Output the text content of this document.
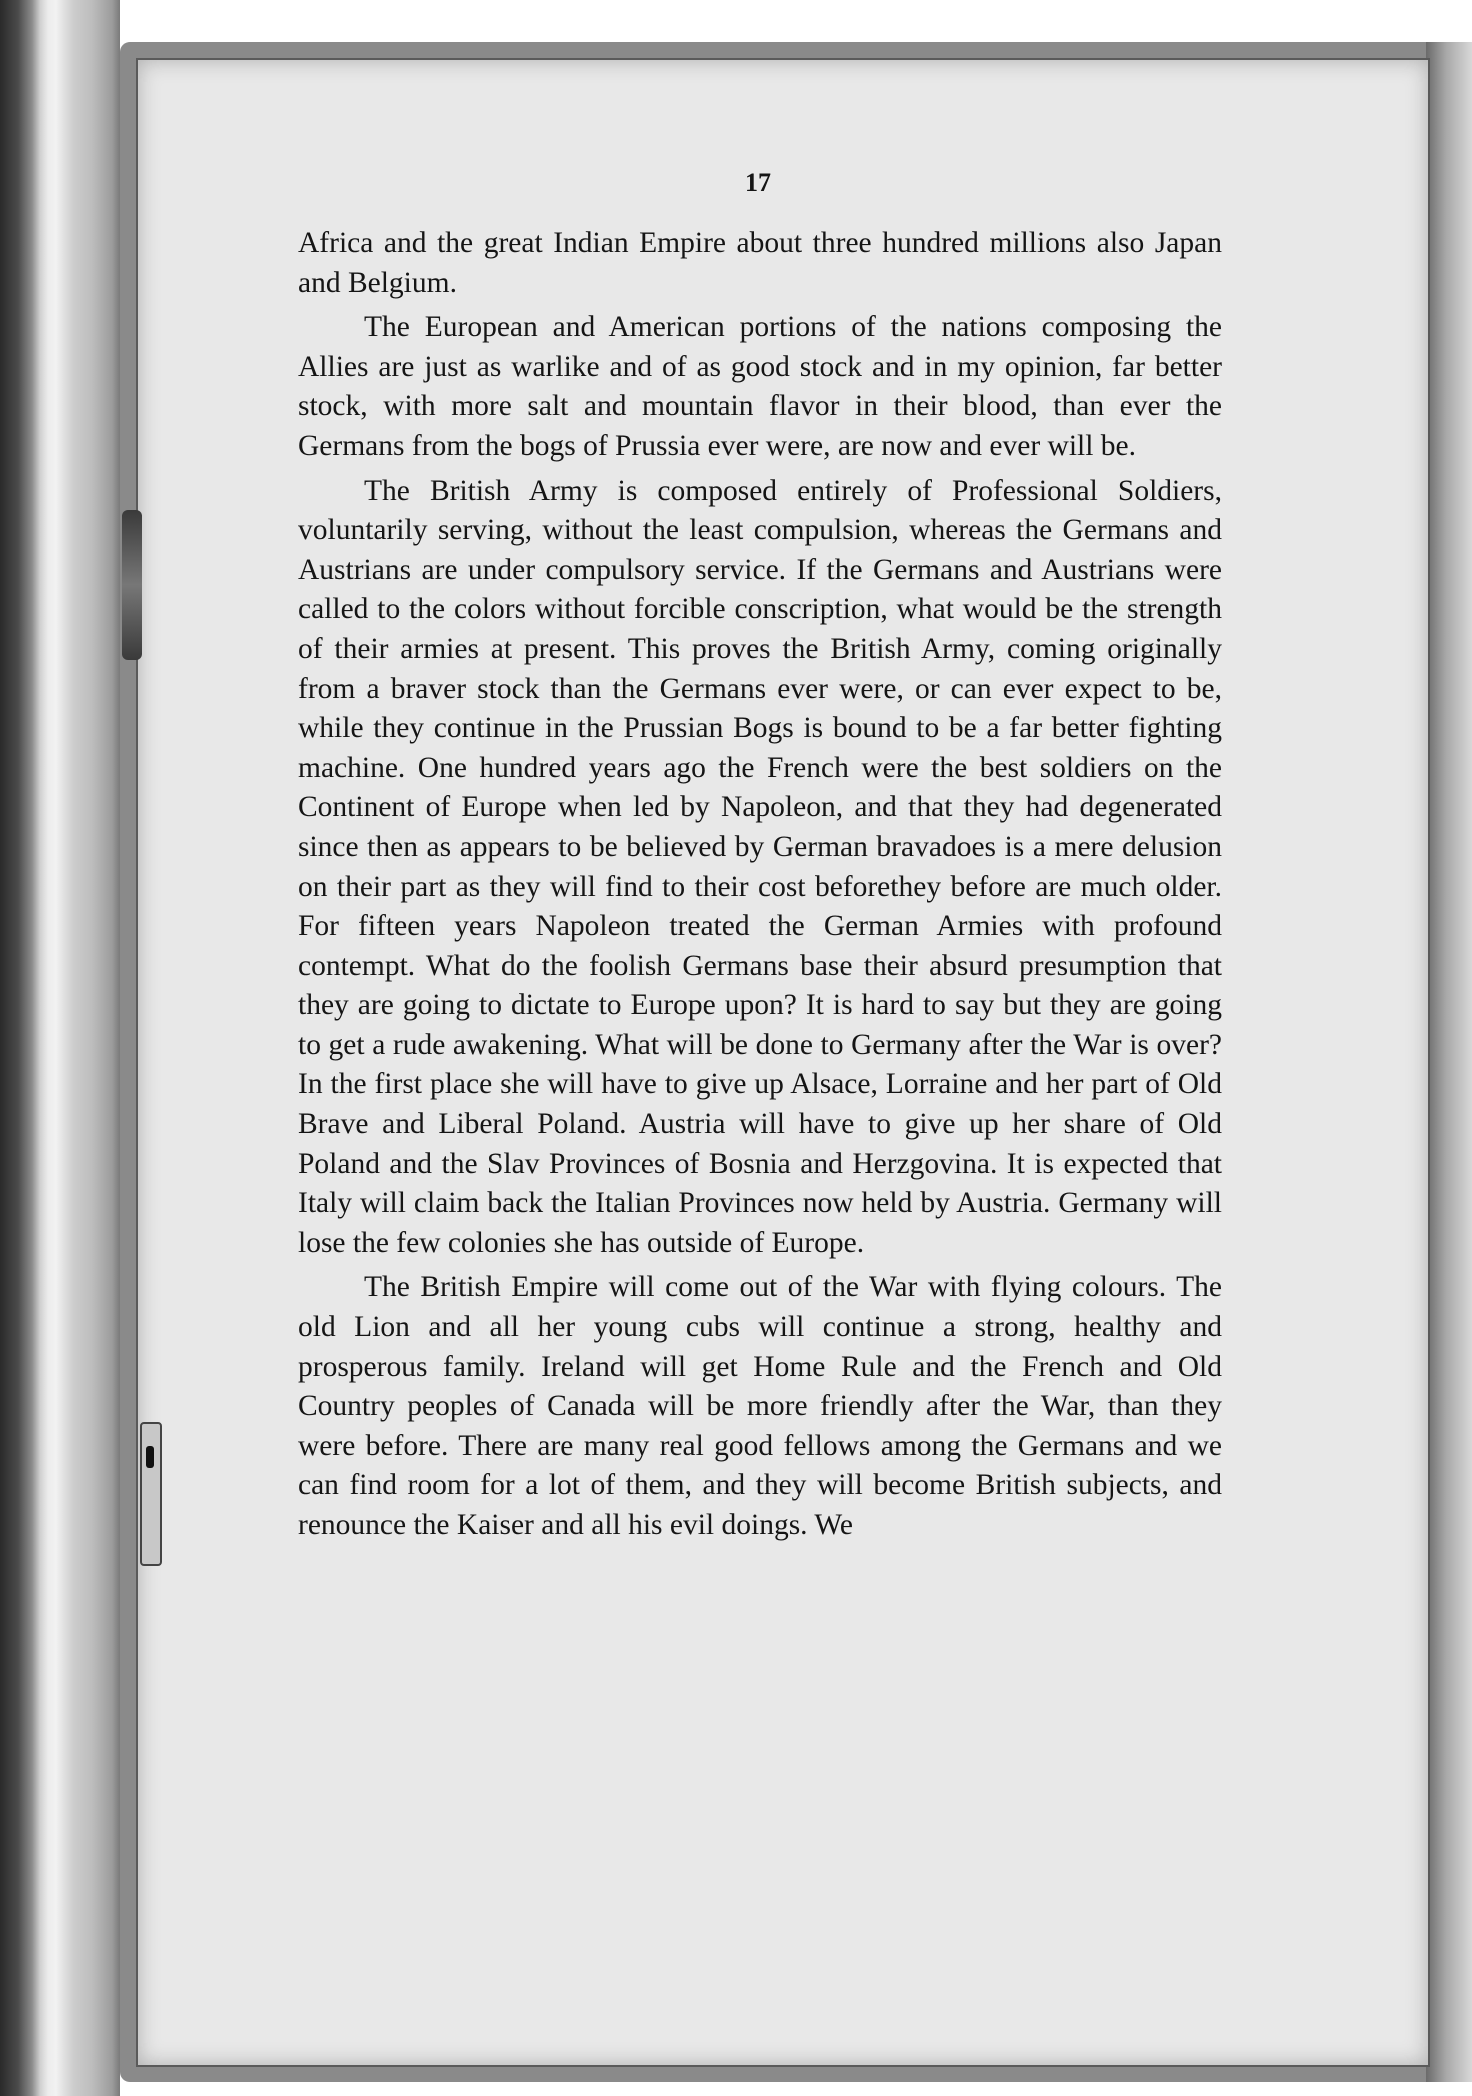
17

Africa and the great Indian Empire about three hundred millions also Japan and Belgium.

The European and American portions of the nations composing the Allies are just as warlike and of as good stock and in my opinion, far better stock, with more salt and mountain flavor in their blood, than ever the Germans from the bogs of Prussia ever were, are now and ever will be.

The British Army is composed entirely of Professional Soldiers, voluntarily serving, without the least compulsion, whereas the Germans and Austrians are under compulsory service. If the Germans and Austrians were called to the colors without forcible conscription, what would be the strength of their armies at present. This proves the British Army, coming originally from a braver stock than the Germans ever were, or can ever expect to be, while they continue in the Prussian Bogs is bound to be a far better fighting machine. One hundred years ago the French were the best soldiers on the Continent of Europe when led by Napoleon, and that they had degenerated since then as appears to be believed by German bravadoes is a mere delusion on their part as they will find to their cost beforethey before are much older. For fifteen years Napoleon treated the German Armies with profound contempt. What do the foolish Germans base their absurd presumption that they are going to dictate to Europe upon? It is hard to say but they are going to get a rude awakening. What will be done to Germany after the War is over? In the first place she will have to give up Alsace, Lorraine and her part of Old Brave and Liberal Poland. Austria will have to give up her share of Old Poland and the Slav Provinces of Bosnia and Herzgovina. It is expected that Italy will claim back the Italian Provinces now held by Austria. Germany will lose the few colonies she has outside of Europe.

The British Empire will come out of the War with flying colours. The old Lion and all her young cubs will continue a strong, healthy and prosperous family. Ireland will get Home Rule and the French and Old Country peoples of Canada will be more friendly after the War, than they were before. There are many real good fellows among the Germans and we can find room for a lot of them, and they will become British subjects, and renounce the Kaiser and all his evil doings. We
